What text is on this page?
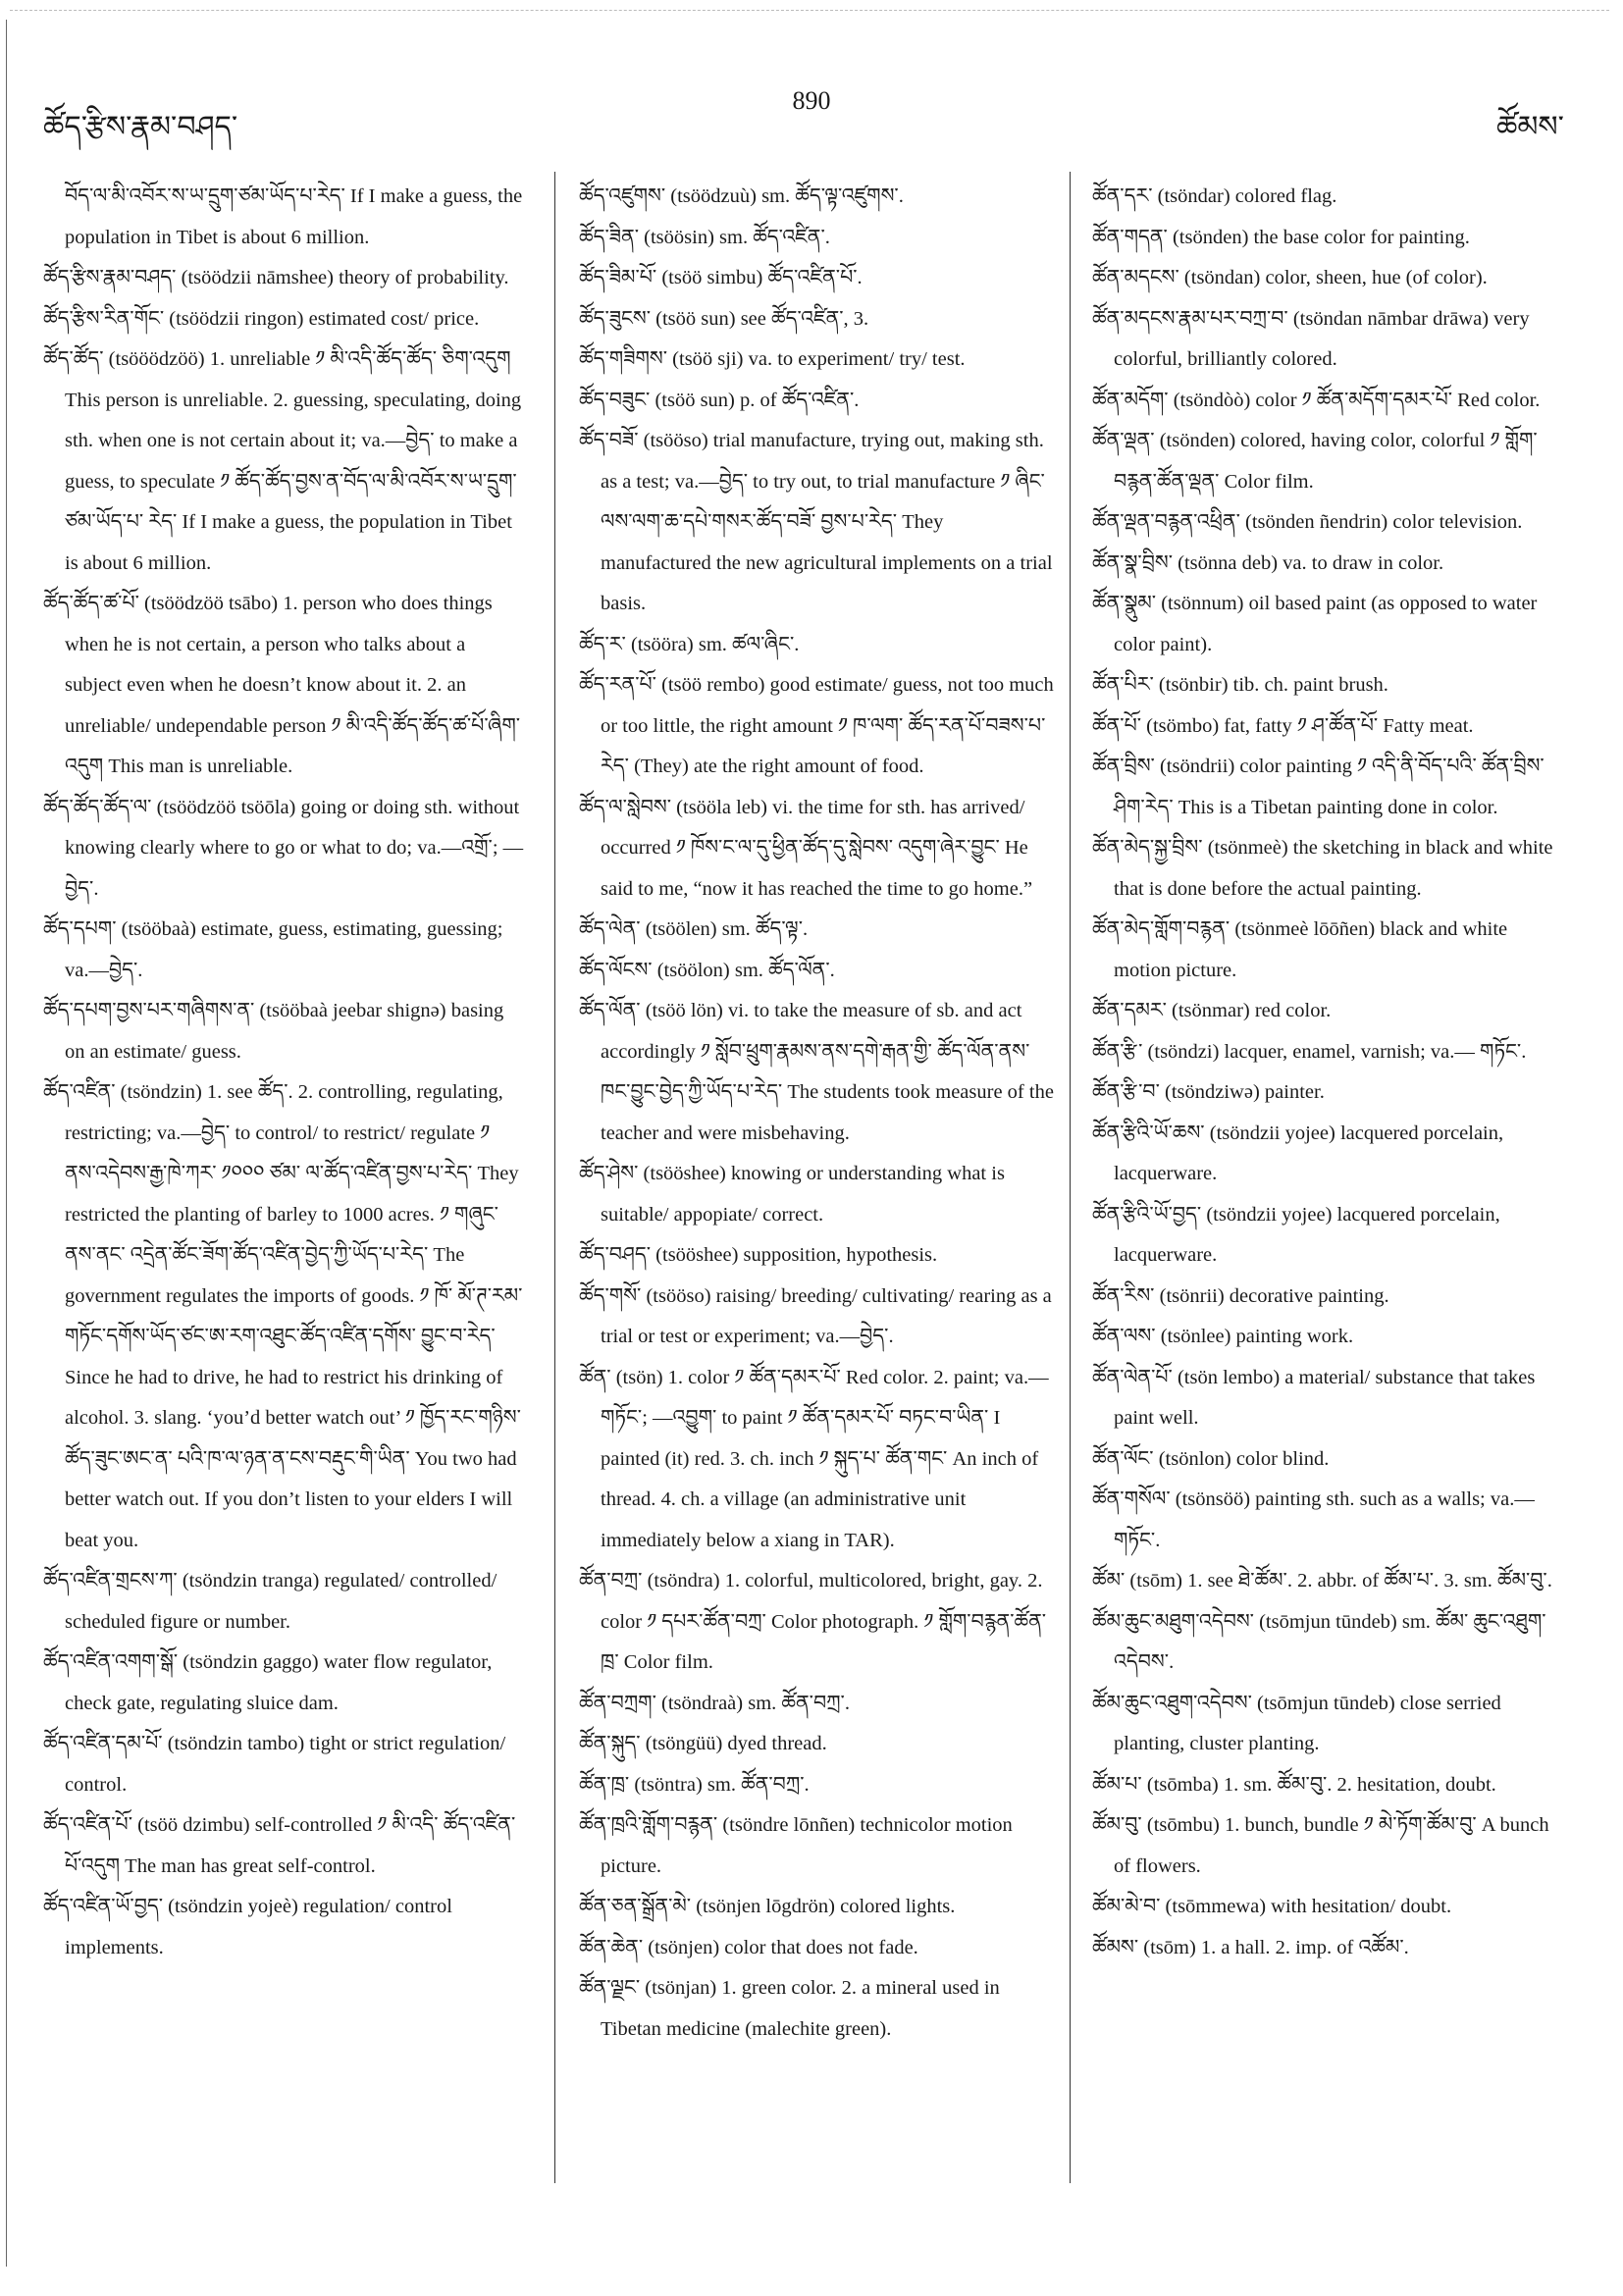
ཚོད་རྩིས་རྣམ་བཤད་
890
ཚོམས་

བོད་ལ་མི་འབོར་ས་ཡ་དྲུག་ཙམ་ཡོད་པ་རེད་ If I make a guess, the population in Tibet is about 6 million.

ཚོད་རྩིས་རྣམ་བཤད་ (tsöödzii nāmshee) theory of probability.

ཚོད་རྩིས་རིན་གོང་ (tsöödzii ringon) estimated cost/ price.

ཚོད་ཚོད་ (tsööödzöö) 1. unreliable ༡ མི་འདི་ཚོད་ཚོད་ ཅིག་འདུག This person is unreliable. 2. guessing, speculating, doing sth. when one is not certain about it; va.—བྱེད་ to make a guess, to speculate ༡ ཚོད་ཚོད་བྱས་ན་བོད་ལ་མི་འབོར་ས་ཡ་དྲུག་ཙམ་ཡོད་པ་ རེད་ If I make a guess, the population in Tibet is about 6 million.

ཚོད་ཚོད་ཚ་པོ་ (tsöödzöö tsābo) 1. person who does things when he is not certain, a person who talks about a subject even when he doesn’t know about it. 2. an unreliable/ undependable person ༡ མི་འདི་ཚོད་ཚོད་ཚ་པོ་ཞིག་འདུག This man is unreliable.

ཚོད་ཚོད་ཚོད་ལ་ (tsöödzöö tsöōla) going or doing sth. without knowing clearly where to go or what to do; va.—འགྲོ་; —བྱེད་.

ཚོད་དཔག་ (tsööbaà) estimate, guess, estimating, guessing; va.—བྱེད་.

ཚོད་དཔག་བྱས་པར་གཞིགས་ན་ (tsööbaà jeebar shignə) basing on an estimate/ guess.

ཚོད་འཛིན་ (tsöndzin) 1. see ཚོད་. 2. controlling, regulating, restricting; va.—བྱེད་ to control/ to restrict/ regulate ༡ ནས་འདེབས་རྒྱ་ཁེ་ཀར་ ༡༠༠༠ ཙམ་ ལ་ཚོད་འཛིན་བྱས་པ་རེད་ They restricted the planting of barley to 1000 acres. ༡ གཞུང་ནས་ནང་ འདྲེན་ཚོང་ཟོག་ཚོད་འཛིན་བྱེད་ཀྱི་ཡོད་པ་རེད་ The government regulates the imports of goods. ༡ ཁོ་ མོ་ཊ་རམ་གཏོང་དགོས་ཡོད་ཙང་ཨ་རག་འཐུང་ཚོད་འཛིན་དགོས་ བྱུང་བ་རེད་ Since he had to drive, he had to restrict his drinking of alcohol. 3. slang. ‘you’d better watch out’ ༡ ཁྱོད་རང་གཉིས་ཚོད་ཟུང་ཨང་ན་ པའི་ཁ་ལ་ཉན་ན་ངས་བརྡུང་གི་ཡིན་ You two had better watch out. If you don’t listen to your elders I will beat you.

ཚོད་འཛིན་གྲངས་ཀ་ (tsöndzin tranga) regulated/ controlled/ scheduled figure or number.

ཚོད་འཛིན་འགག་སྒོ་ (tsöndzin gaggo) water flow regulator, check gate, regulating sluice dam.

ཚོད་འཛིན་དམ་པོ་ (tsöndzin tambo) tight or strict regulation/ control.

ཚོད་འཛིན་པོ་ (tsöö dzimbu) self-controlled ༡ མི་འདི་ ཚོད་འཛིན་པོ་འདུག The man has great self-control.

ཚོད་འཛིན་ཡོ་བྱད་ (tsöndzin yojeè) regulation/ control implements.

ཚོད་འཛུགས་ (tsöödzuù) sm. ཚོད་ལྟ་འཛུགས་.

ཚོད་ཟིན་ (tsöösin) sm. ཚོད་འཛིན་.

ཚོད་ཟིམ་པོ་ (tsöö simbu) ཚོད་འཛིན་པོ་.

ཚོད་ཟུངས་ (tsöö sun) see ཚོད་འཛིན་, 3.

ཚོད་གཟིགས་ (tsöö sji) va. to experiment/ try/ test.

ཚོད་བཟུང་ (tsöö sun) p. of ཚོད་འཛིན་.

ཚོད་བཟོ་ (tsööso) trial manufacture, trying out, making sth. as a test; va.—བྱེད་ to try out, to trial manufacture ༡ ཞིང་ལས་ལག་ཆ་དཔེ་གསར་ཚོད་བཟོ་ བྱས་པ་རེད་ They manufactured the new agricultural implements on a trial basis.

ཚོད་ར་ (tsööra) sm. ཚལ་ཞིང་.

ཚོད་རན་པོ་ (tsöö rembo) good estimate/ guess, not too much or too little, the right amount ༡ ཁ་ལག་ ཚོད་རན་པོ་བཟས་པ་རེད་ (They) ate the right amount of food.

ཚོད་ལ་སླེབས་ (tsööla leb) vi. the time for sth. has arrived/ occurred ༡ ཁོས་ང་ལ་དུ་ཕྱིན་ཚོད་དུ་སླེབས་ འདུག་ཞེར་བྱུང་ He said to me, “now it has reached the time to go home.”

ཚོད་ལེན་ (tsöölen) sm. ཚོད་ལྟ་.

ཚོད་ལོངས་ (tsöölon) sm. ཚོད་ལོན་.

ཚོད་ལོན་ (tsöö lön) vi. to take the measure of sb. and act accordingly ༡ སློབ་ཕྲུག་རྣམས་ནས་དགེ་རྒན་གྱི་ ཚོད་ལོན་ནས་ཁང་བྱུང་བྱེད་ཀྱི་ཡོད་པ་རེད་ The students took measure of the teacher and were misbehaving.

ཚོད་ཤེས་ (tsööshee) knowing or understanding what is suitable/ appopiate/ correct.

ཚོད་བཤད་ (tsööshee) supposition, hypothesis.

ཚོད་གསོ་ (tsööso) raising/ breeding/ cultivating/ rearing as a trial or test or experiment; va.—བྱེད་.

ཚོན་ (tsön) 1. color ༡ ཚོན་དམར་པོ་ Red color. 2. paint; va.—གཏོང་; —འབྱུག་ to paint ༡ ཚོན་དམར་པོ་ བཏང་བ་ཡིན་ I painted (it) red. 3. ch. inch ༡ སྐུད་པ་ ཚོན་གང་ An inch of thread. 4. ch. a village (an administrative unit immediately below a xiang in TAR).

ཚོན་བཀྲ་ (tsöndra) 1. colorful, multicolored, bright, gay. 2. color ༡ དཔར་ཚོན་བཀྲ་ Color photograph. ༡ གློག་བརྙན་ཚོན་ཁྲ་ Color film.

ཚོན་བཀྲག་ (tsöndraà) sm. ཚོན་བཀྲ་.

ཚོན་སྐུད་ (tsöngüü) dyed thread.

ཚོན་ཁྲ་ (tsöntra) sm. ཚོན་བཀྲ་.

ཚོན་ཁྲའི་གློག་བརྙན་ (tsöndre lōnñen) technicolor motion picture.

ཚོན་ཅན་སྒྲོན་མེ་ (tsönjen lōgdrön) colored lights.

ཚོན་ཆེན་ (tsönjen) color that does not fade.

ཚོན་ལྗང་ (tsönjan) 1. green color. 2. a mineral used in Tibetan medicine (malechite green).

ཚོན་དར་ (tsöndar) colored flag.

ཚོན་གདན་ (tsönden) the base color for painting.

ཚོན་མདངས་ (tsöndan) color, sheen, hue (of color).

ཚོན་མདངས་རྣམ་པར་བཀྲ་བ་ (tsöndan nāmbar drāwa) very colorful, brilliantly colored.

ཚོན་མདོག་ (tsöndòò) color ༡ ཚོན་མདོག་དམར་པོ་ Red color.

ཚོན་ལྡན་ (tsönden) colored, having color, colorful ༡ གློག་བརྙན་ཚོན་ལྡན་ Color film.

ཚོན་ལྡན་བརྙན་འཕྲིན་ (tsönden ñendrin) color television.

ཚོན་སྣ་བྲིས་ (tsönna deb) va. to draw in color.

ཚོན་སྣུམ་ (tsönnum) oil based paint (as opposed to water color paint).

ཚོན་པིར་ (tsönbir) tib. ch. paint brush.

ཚོན་པོ་ (tsömbo) fat, fatty ༡ ཤ་ཚོན་པོ་ Fatty meat.

ཚོན་བྲིས་ (tsöndrii) color painting ༡ འདི་ནི་བོད་པའི་ ཚོན་བྲིས་ཤིག་རེད་ This is a Tibetan painting done in color.

ཚོན་མེད་སྐྱ་བྲིས་ (tsönmeè) the sketching in black and white that is done before the actual painting.

ཚོན་མེད་གློག་བརྙན་ (tsönmeè lōōñen) black and white motion picture.

ཚོན་དམར་ (tsönmar) red color.

ཚོན་རྩི་ (tsöndzi) lacquer, enamel, varnish; va.— གཏོང་.

ཚོན་རྩི་བ་ (tsöndziwə) painter.

ཚོན་རྩིའི་ཡོ་ཆས་ (tsöndzii yojee) lacquered porcelain, lacquerware.

ཚོན་རྩིའི་ཡོ་བྱད་ (tsöndzii yojee) lacquered porcelain, lacquerware.

ཚོན་རིས་ (tsönrii) decorative painting.

ཚོན་ལས་ (tsönlee) painting work.

ཚོན་ལེན་པོ་ (tsön lembo) a material/ substance that takes paint well.

ཚོན་ལོང་ (tsönlon) color blind.

ཚོན་གསོལ་ (tsönsöö) painting sth. such as a walls; va.—གཏོང་.

ཚོམ་ (tsōm) 1. see ཐེ་ཚོམ་. 2. abbr. of ཚོམ་པ་. 3. sm. ཚོམ་བུ་.

ཚོམ་ཆུང་མཐུག་འདེབས་ (tsōmjun tūndeb) sm. ཚོམ་ ཆུང་འཐུག་འདེབས་.

ཚོམ་ཆུང་འཐུག་འདེབས་ (tsōmjun tūndeb) close serried planting, cluster planting.

ཚོམ་པ་ (tsōmba) 1. sm. ཚོམ་བུ་. 2. hesitation, doubt.

ཚོམ་བུ་ (tsōmbu) 1. bunch, bundle ༡ མེ་ཏོག་ཚོམ་བུ་ A bunch of flowers.

ཚོམ་མེ་བ་ (tsōmmewa) with hesitation/ doubt.

ཚོམས་ (tsōm) 1. a hall. 2. imp. of འཚོམ་.
